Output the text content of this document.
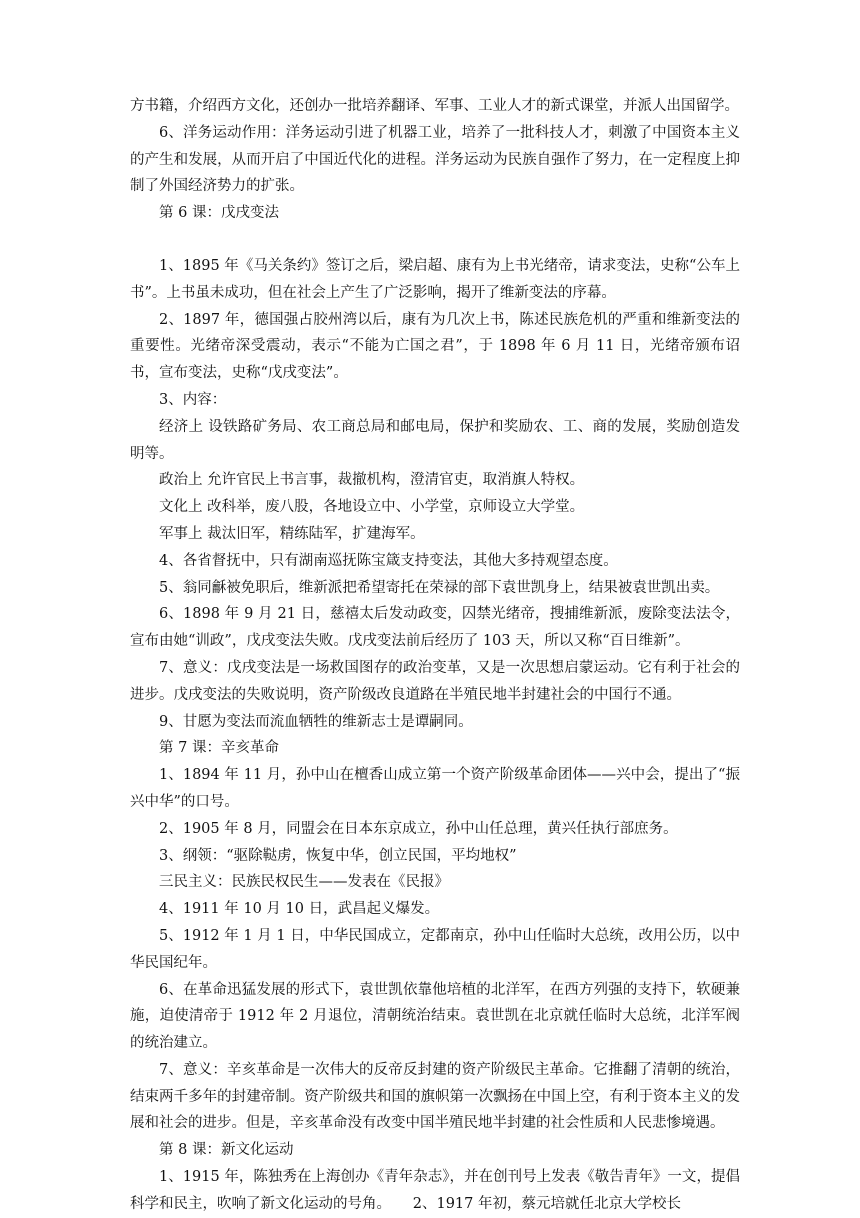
方书籍，介绍西方文化，还创办一批培养翻译、军事、工业人才的新式课堂，并派人出国留学。

6、洋务运动作用：洋务运动引进了机器工业，培养了一批科技人才，刺激了中国资本主义的产生和发展，从而开启了中国近代化的进程。洋务运动为民族自强作了努力，在一定程度上抑制了外国经济势力的扩张。

第 6 课：戊戌变法

1、1895 年《马关条约》签订之后，梁启超、康有为上书光绪帝，请求变法，史称“公车上书”。上书虽未成功，但在社会上产生了广泛影响，揭开了维新变法的序幕。

2、1897 年，德国强占胶州湾以后，康有为几次上书，陈述民族危机的严重和维新变法的重要性。光绪帝深受震动，表示“不能为亡国之君”，于 1898 年 6 月 11 日，光绪帝颁布诏书，宣布变法，史称“戊戌变法”。

3、内容：

经济上 设铁路矿务局、农工商总局和邮电局，保护和奖励农、工、商的发展，奖励创造发明等。

政治上 允许官民上书言事，裁撤机构，澄清官吏，取消旗人特权。

文化上 改科举，废八股，各地设立中、小学堂，京师设立大学堂。

军事上 裁汰旧军，精练陆军，扩建海军。

4、各省督抚中，只有湖南巡抚陈宝箴支持变法，其他大多持观望态度。

5、翁同龢被免职后，维新派把希望寄托在荣禄的部下袁世凯身上，结果被袁世凯出卖。

6、1898 年 9 月 21 日，慈禧太后发动政变，囚禁光绪帝，搜捕维新派，废除变法法令，宣布由她“训政”，戊戌变法失败。戊戌变法前后经历了 103 天，所以又称“百日维新”。

7、意义：戊戌变法是一场救国图存的政治变革，又是一次思想启蒙运动。它有利于社会的进步。戊戌变法的失败说明，资产阶级改良道路在半殖民地半封建社会的中国行不通。

9、甘愿为变法而流血牺牲的维新志士是谭嗣同。

第 7 课：辛亥革命

1、1894 年 11 月，孙中山在檀香山成立第一个资产阶级革命团体——兴中会，提出了“振兴中华”的口号。

2、1905 年 8 月，同盟会在日本东京成立，孙中山任总理，黄兴任执行部庶务。

3、纲领：“驱除鞑虏，恢复中华，创立民国，平均地权”

三民主义：民族民权民生——发表在《民报》

4、1911 年 10 月 10 日，武昌起义爆发。

5、1912 年 1 月 1 日，中华民国成立，定都南京，孙中山任临时大总统，改用公历，以中华民国纪年。

6、在革命迅猛发展的形式下，袁世凯依靠他培植的北洋军，在西方列强的支持下，软硬兼施，迫使清帝于 1912 年 2 月退位，清朝统治结束。袁世凯在北京就任临时大总统，北洋军阀的统治建立。

7、意义：辛亥革命是一次伟大的反帝反封建的资产阶级民主革命。它推翻了清朝的统治，结束两千多年的封建帝制。资产阶级共和国的旗帜第一次飘扬在中国上空，有利于资本主义的发展和社会的进步。但是，辛亥革命没有改变中国半殖民地半封建的社会性质和人民悲惨境遇。

第 8 课：新文化运动

1、1915 年，陈独秀在上海创办《青年杂志》，并在创刊号上发表《敬告青年》一文，提倡科学和民主，吹响了新文化运动的号角。　　2、1917 年初，蔡元培就任北京大学校长
